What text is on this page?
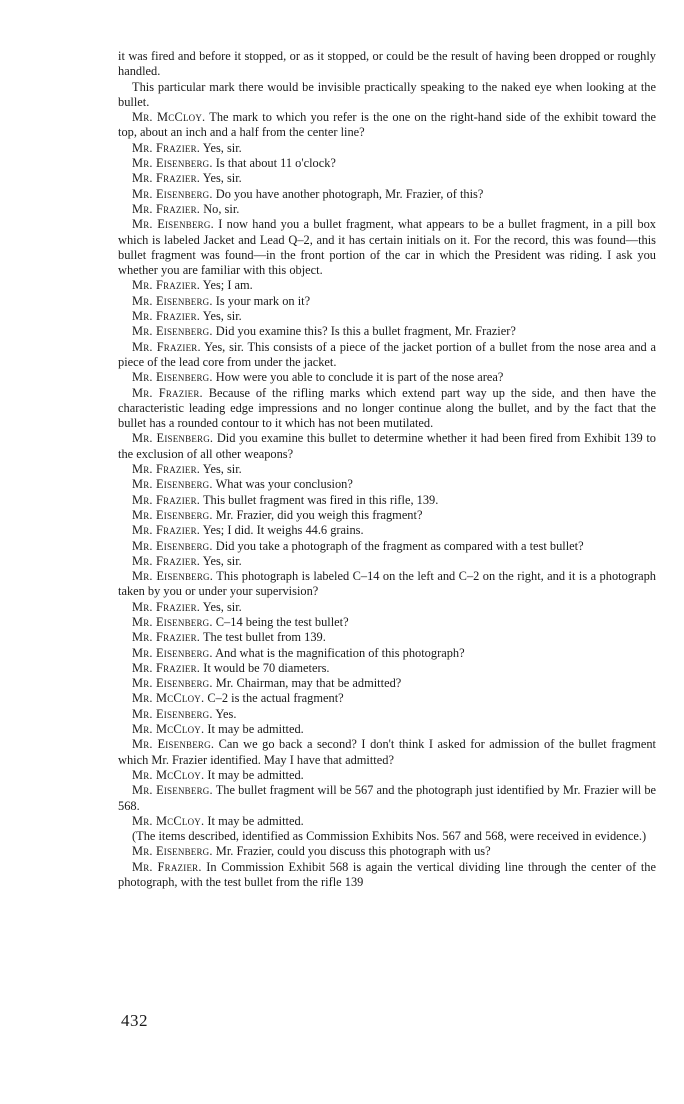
it was fired and before it stopped, or as it stopped, or could be the result of having been dropped or roughly handled.

This particular mark there would be invisible practically speaking to the naked eye when looking at the bullet.

Mr. McCloy. The mark to which you refer is the one on the right-hand side of the exhibit toward the top, about an inch and a half from the center line?

Mr. Frazier. Yes, sir.

Mr. Eisenberg. Is that about 11 o'clock?

Mr. Frazier. Yes, sir.

Mr. Eisenberg. Do you have another photograph, Mr. Frazier, of this?

Mr. Frazier. No, sir.

Mr. Eisenberg. I now hand you a bullet fragment, what appears to be a bullet fragment, in a pill box which is labeled Jacket and Lead Q–2, and it has certain initials on it. For the record, this was found—this bullet fragment was found—in the front portion of the car in which the President was riding. I ask you whether you are familiar with this object.

Mr. Frazier. Yes; I am.

Mr. Eisenberg. Is your mark on it?

Mr. Frazier. Yes, sir.

Mr. Eisenberg. Did you examine this? Is this a bullet fragment, Mr. Frazier?

Mr. Frazier. Yes, sir. This consists of a piece of the jacket portion of a bullet from the nose area and a piece of the lead core from under the jacket.

Mr. Eisenberg. How were you able to conclude it is part of the nose area?

Mr. Frazier. Because of the rifling marks which extend part way up the side, and then have the characteristic leading edge impressions and no longer continue along the bullet, and by the fact that the bullet has a rounded contour to it which has not been mutilated.

Mr. Eisenberg. Did you examine this bullet to determine whether it had been fired from Exhibit 139 to the exclusion of all other weapons?

Mr. Frazier. Yes, sir.

Mr. Eisenberg. What was your conclusion?

Mr. Frazier. This bullet fragment was fired in this rifle, 139.

Mr. Eisenberg. Mr. Frazier, did you weigh this fragment?

Mr. Frazier. Yes; I did. It weighs 44.6 grains.

Mr. Eisenberg. Did you take a photograph of the fragment as compared with a test bullet?

Mr. Frazier. Yes, sir.

Mr. Eisenberg. This photograph is labeled C–14 on the left and C–2 on the right, and it is a photograph taken by you or under your supervision?

Mr. Frazier. Yes, sir.

Mr. Eisenberg. C–14 being the test bullet?

Mr. Frazier. The test bullet from 139.

Mr. Eisenberg. And what is the magnification of this photograph?

Mr. Frazier. It would be 70 diameters.

Mr. Eisenberg. Mr. Chairman, may that be admitted?

Mr. McCloy. C–2 is the actual fragment?

Mr. Eisenberg. Yes.

Mr. McCloy. It may be admitted.

Mr. Eisenberg. Can we go back a second? I don't think I asked for admission of the bullet fragment which Mr. Frazier identified. May I have that admitted?

Mr. McCloy. It may be admitted.

Mr. Eisenberg. The bullet fragment will be 567 and the photograph just identified by Mr. Frazier will be 568.

Mr. McCloy. It may be admitted.

(The items described, identified as Commission Exhibits Nos. 567 and 568, were received in evidence.)

Mr. Eisenberg. Mr. Frazier, could you discuss this photograph with us?

Mr. Frazier. In Commission Exhibit 568 is again the vertical dividing line through the center of the photograph, with the test bullet from the rifle 139

432
